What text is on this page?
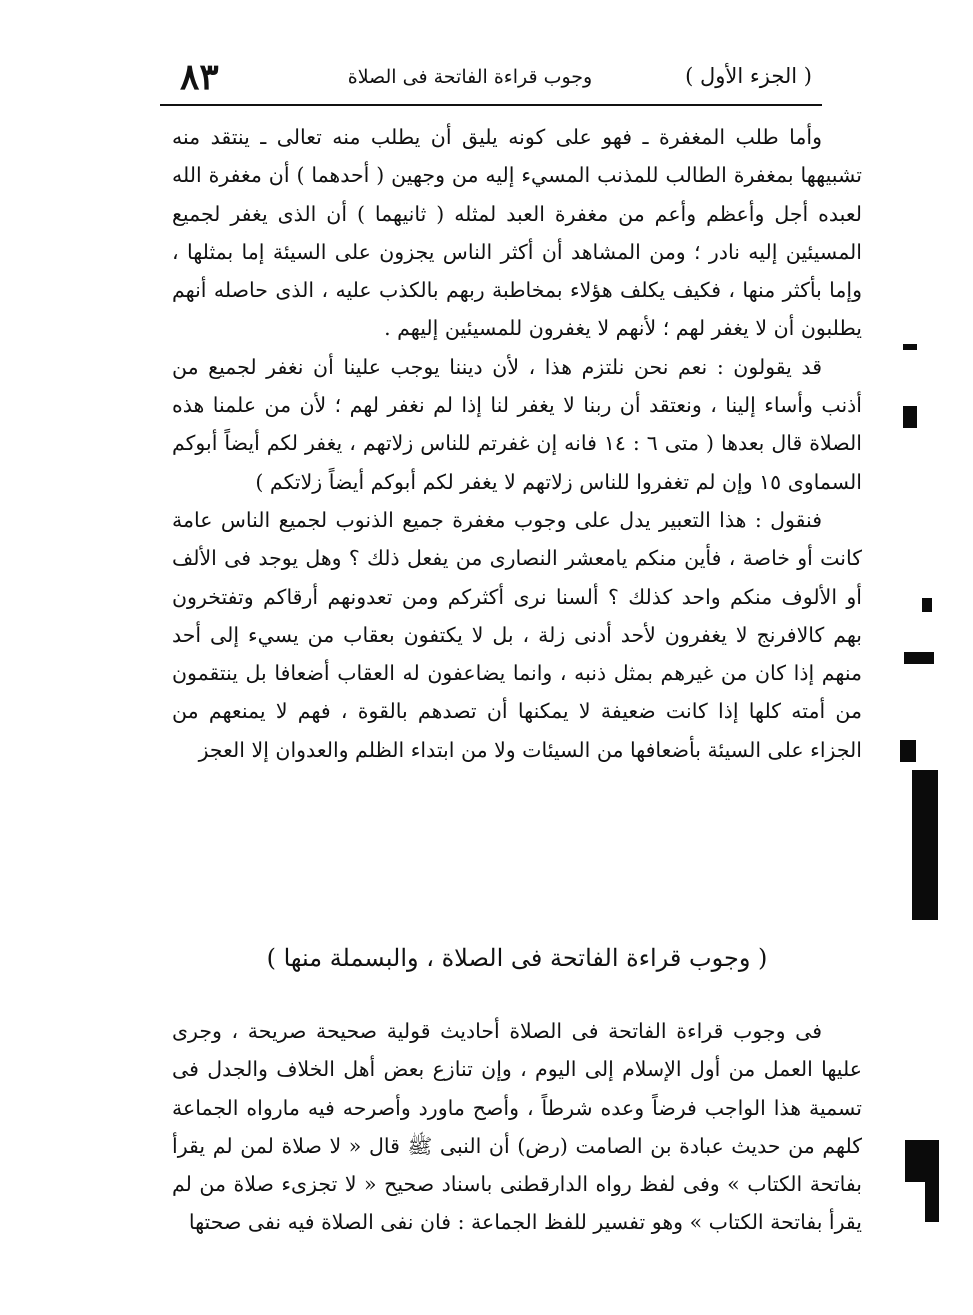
٨٣	وجوب قراءة الفاتحة فى الصلاة	( الجزء الأول )

وأما طلب المغفرة ـ فهو على كونه يليق أن يطلب منه تعالى ـ ينتقد منه تشبيهها بمغفرة الطالب للمذنب المسيء إليه من وجهين ( أحدهما ) أن مغفرة الله لعبده أجل وأعظم وأعم من مغفرة العبد لمثله ( ثانيهما ) أن الذى يغفر لجميع المسيئين إليه نادر ؛ ومن المشاهد أن أكثر الناس يجزون على السيئة إما بمثلها ، وإما بأكثر منها ، فكيف يكلف هؤلاء بمخاطبة ربهم بالكذب عليه ، الذى حاصله أنهم يطلبون أن لا يغفر لهم ؛ لأنهم لا يغفرون للمسيئين إليهم .

قد يقولون : نعم نحن نلتزم هذا ، لأن ديننا يوجب علينا أن نغفر لجميع من أذنب وأساء إلينا ، ونعتقد أن ربنا لا يغفر لنا إذا لم نغفر لهم ؛ لأن من علمنا هذه الصلاة قال بعدها ( متى ٦ : ١٤ فانه إن غفرتم للناس زلاتهم ، يغفر لكم أيضاً أبوكم السماوى ١٥ وإن لم تغفروا للناس زلاتهم لا يغفر لكم أبوكم أيضاً زلاتكم )

فنقول : هذا التعبير يدل على وجوب مغفرة جميع الذنوب لجميع الناس عامة كانت أو خاصة ، فأين منكم يامعشر النصارى من يفعل ذلك ؟ وهل يوجد فى الألف أو الألوف منكم واحد كذلك ؟ ألسنا نرى أكثركم ومن تعدونهم أرقاكم وتفتخرون بهم كالافرنج لا يغفرون لأحد أدنى زلة ، بل لا يكتفون بعقاب من يسيء إلى أحد منهم إذا كان من غيرهم بمثل ذنبه ، وانما يضاعفون له العقاب أضعافا بل ينتقمون من أمته كلها إذا كانت ضعيفة لا يمكنها أن تصدهم بالقوة ، فهم لا يمنعهم من الجزاء على السيئة بأضعافها من السيئات ولا من ابتداء الظلم والعدوان إلا العجز

( وجوب قراءة الفاتحة فى الصلاة ، والبسملة منها )

فى وجوب قراءة الفاتحة فى الصلاة أحاديث قولية صحيحة صريحة ، وجرى عليها العمل من أول الإسلام إلى اليوم ، وإن تنازع بعض أهل الخلاف والجدل فى تسمية هذا الواجب فرضاً وعده شرطاً ، وأصح ماورد وأصرحه فيه مارواه الجماعة كلهم من حديث عبادة بن الصامت (رض) أن النبى ﷺ قال « لا صلاة لمن لم يقرأ بفاتحة الكتاب » وفى لفظ رواه الدارقطنى باسناد صحيح « لا تجزىء صلاة من لم يقرأ بفاتحة الكتاب » وهو تفسير للفظ الجماعة : فان نفى الصلاة فيه نفى صحتها
